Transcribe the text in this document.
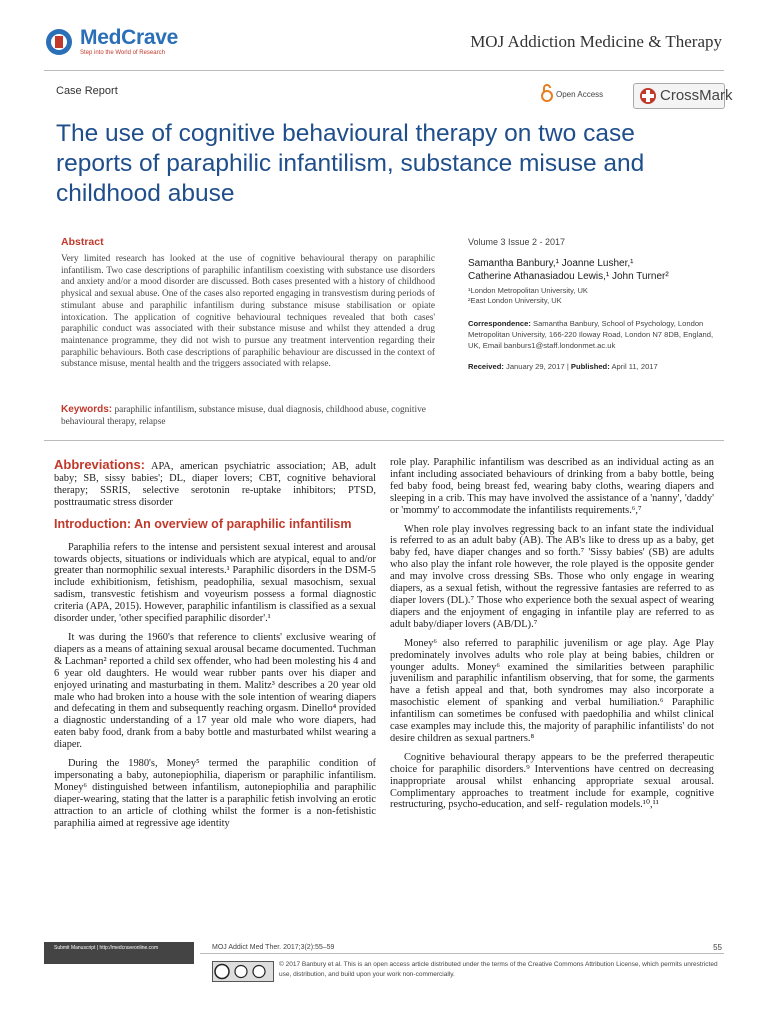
MedCrave
Step into the World of Research
MOJ Addiction Medicine & Therapy
Case Report	Open Access	CrossMark
The use of cognitive behavioural therapy on two case reports of paraphilic infantilism, substance misuse and childhood abuse
Abstract
Very limited research has looked at the use of cognitive behavioural therapy on paraphilic infantilism. Two case descriptions of paraphilic infantilism coexisting with substance use disorders and anxiety and/or a mood disorder are discussed. Both cases presented with a history of childhood physical and sexual abuse. One of the cases also reported engaging in transvestism during periods of stimulant abuse and paraphilic infantilism during substance misuse stabilisation or opiate intoxication. The application of cognitive behavioural techniques revealed that both cases' paraphilic conduct was associated with their substance misuse and whilst they attended a drug maintenance programme, they did not wish to pursue any treatment intervention regarding their paraphilic behaviours. Both case descriptions of paraphilic behaviour are discussed in the context of substance misuse, mental health and the triggers associated with relapse.
Keywords: paraphilic infantilism, substance misuse, dual diagnosis, childhood abuse, cognitive behavioural therapy, relapse
Volume 3 Issue 2 - 2017
Samantha Banbury,¹ Joanne Lusher,¹
Catherine Athanasiadou Lewis,¹ John Turner²
¹London Metropolitan University, UK
²East London University, UK
Correspondence: Samantha Banbury, School of Psychology, London Metropolitan University, 166-220 Iloway Road, London N7 8DB, England, UK, Email banburs1@staff.londonmet.ac.uk
Received: January 29, 2017 | Published: April 11, 2017

Abbreviations: APA, american psychiatric association; AB, adult baby; SB, sissy babies'; DL, diaper lovers; CBT, cognitive behavioral therapy; SSRIS, selective serotonin re-uptake inhibitors; PTSD, posttraumatic stress disorder

Introduction: An overview of paraphilic infantilism

Paraphilia refers to the intense and persistent sexual interest and arousal towards objects, situations or individuals which are atypical, equal to and/or greater than normophilic sexual interests.¹ Paraphilic disorders in the DSM-5 include exhibitionism, fetishism, peadophilia, sexual masochism, sexual sadism, transvestic fetishism and voyeurism possess a formal diagnostic criteria (APA, 2015). However, paraphilic infantilism is classified as a sexual disorder under, 'other specified paraphilic disorder'.¹

It was during the 1960's that reference to clients' exclusive wearing of diapers as a means of attaining sexual arousal became documented. Tuchman & Lachman² reported a child sex offender, who had been molesting his 4 and 6 year old daughters. He would wear rubber pants over his diaper and enjoyed urinating and masturbating in them. Malitz³ describes a 20 year old male who had broken into a house with the sole intention of wearing diapers and defecating in them and subsequently reaching orgasm. Dinello⁴ provided a diagnostic understanding of a 17 year old male who wore diapers, had eaten baby food, drank from a baby bottle and masturbated whilst wearing a diaper.

During the 1980's, Money⁵ termed the paraphilic condition of impersonating a baby, autonepiophilia, diaperism or paraphilic infantilism. Money⁶ distinguished between infantilism, autonepiophilia and paraphilic diaper-wearing, stating that the latter is a paraphilic fetish involving an erotic attraction to an article of clothing whilst the former is a non-fetishistic paraphilia aimed at regressive age identity

role play. Paraphilic infantilism was described as an individual acting as an infant including associated behaviours of drinking from a baby bottle, being fed baby food, being breast fed, wearing baby cloths, wearing diapers and sleeping in a crib. This may have involved the assistance of a 'nanny', 'daddy' or 'mommy' to accommodate the infantilists requirements.⁶,⁷

When role play involves regressing back to an infant state the individual is referred to as an adult baby (AB). The AB's like to dress up as a baby, get baby fed, have diaper changes and so forth.⁷ 'Sissy babies' (SB) are adults who also play the infant role however, the role played is the opposite gender and may involve cross dressing SBs. Those who only engage in wearing diapers, as a sexual fetish, without the regressive fantasies are referred to as diaper lovers (DL).⁷ Those who experience both the sexual aspect of wearing diapers and the enjoyment of engaging in infantile play are referred to as adult baby/diaper lovers (AB/DL).⁷

Money⁶ also referred to paraphilic juvenilism or age play. Age Play predominately involves adults who role play at being babies, children or younger adults. Money⁶ examined the similarities between paraphilic juvenilism and paraphilic infantilism observing, that for some, the garments have a fetish appeal and that, both syndromes may also incorporate a masochistic element of spanking and verbal humiliation.⁶ Paraphilic infantilism can sometimes be confused with paedophilia and whilst clinical case examples may include this, the majority of paraphilic infantilists' do not desire children as sexual partners.⁸

Cognitive behavioural therapy appears to be the preferred therapeutic choice for paraphilic disorders.⁹ Interventions have centred on decreasing inappropriate arousal whilst enhancing appropriate sexual arousal. Complimentary approaches to treatment include for example, cognitive restructuring, psycho-education, and self- regulation models.¹⁰,¹¹

Submit Manuscript | http://medcraveonline.com	MOJ Addict Med Ther. 2017;3(2):55‒59	55
© 2017 Banbury et al. This is an open access article distributed under the terms of the Creative Commons Attribution License, which permits unrestricted use, distribution, and build upon your work non-commercially.
